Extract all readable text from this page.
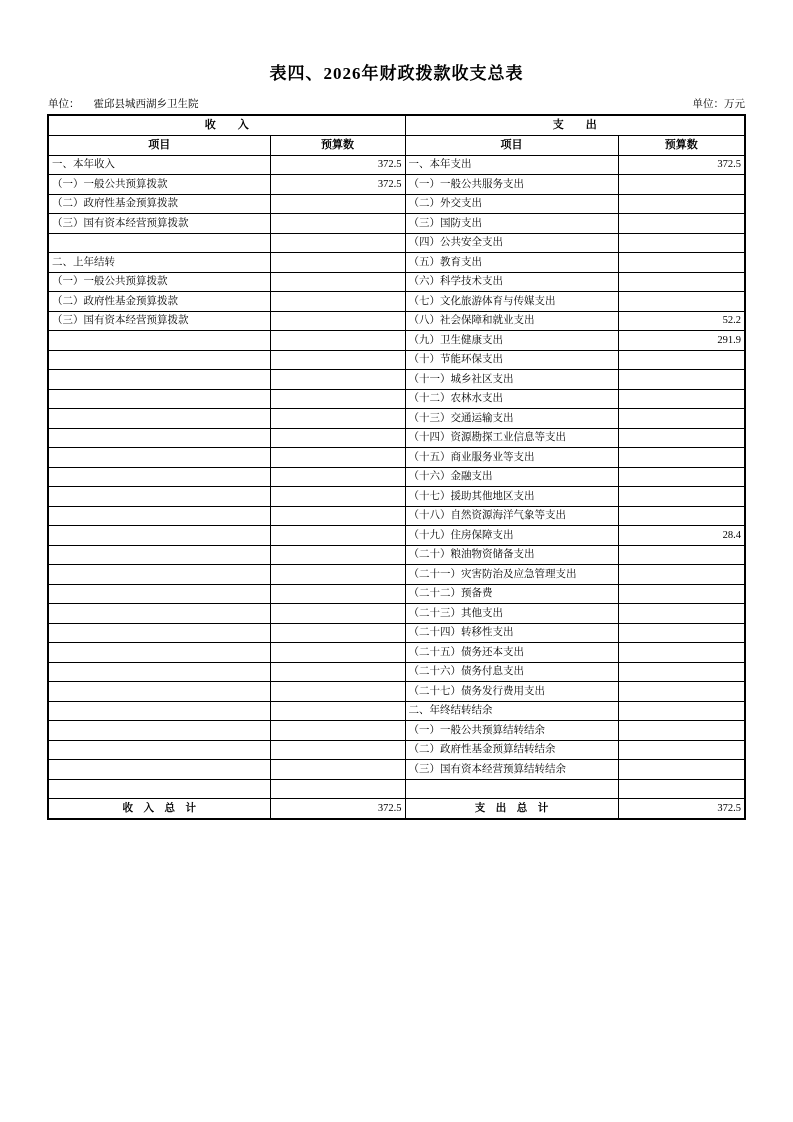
表四、2026年财政拨款收支总表
单位： 霍邱县城西湖乡卫生院	单位：万元
收　　入		支　　出	
项目	预算数	项目	预算数
一、本年收入	372.5	一、本年支出	372.5
（一）一般公共预算拨款	372.5	（一）一般公共服务支出	
（二）政府性基金预算拨款		（二）外交支出	
（三）国有资本经营预算拨款		（三）国防支出	
		（四）公共安全支出	
二、上年结转		（五）教育支出	
（一）一般公共预算拨款		（六）科学技术支出	
（二）政府性基金预算拨款		（七）文化旅游体育与传媒支出	
（三）国有资本经营预算拨款		（八）社会保障和就业支出	52.2
		（九）卫生健康支出	291.9
		（十）节能环保支出	
		（十一）城乡社区支出	
		（十二）农林水支出	
		（十三）交通运输支出	
		（十四）资源勘探工业信息等支出	
		（十五）商业服务业等支出	
		（十六）金融支出	
		（十七）援助其他地区支出	
		（十八）自然资源海洋气象等支出	
		（十九）住房保障支出	28.4
		（二十）粮油物资储备支出	
		（二十一）灾害防治及应急管理支出	
		（二十二）预备费	
		（二十三）其他支出	
		（二十四）转移性支出	
		（二十五）债务还本支出	
		（二十六）债务付息支出	
		（二十七）债务发行费用支出	
		二、年终结转结余	
		（一）一般公共预算结转结余	
		（二）政府性基金预算结转结余	
		（三）国有资本经营预算结转结余	

收　入　总　计	372.5	支　出　总　计	372.5
